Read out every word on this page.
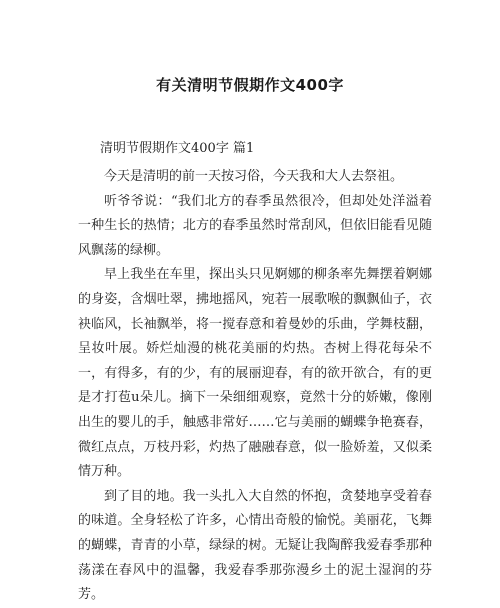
有关清明节假期作文400字
清明节假期作文400字 篇1

今天是清明的前一天按习俗，今天我和大人去祭祖。

听爷爷说：“我们北方的春季虽然很冷，但却处处洋溢着一种生长的热情；北方的春季虽然时常刮风，但依旧能看见随风飘荡的绿柳。

早上我坐在车里，探出头只见婀娜的柳条率先舞摆着婀娜的身姿，含烟吐翠，拂地摇风，宛若一展歌喉的飘飘仙子，衣袂临风，长袖飘举，将一搅春意和着曼妙的乐曲，学舞枝翻，呈妆叶展。娇烂灿漫的桃花美丽的灼热。杏树上得花每朵不一，有得多，有的少，有的展丽迎春，有的欲开欲合，有的更是才打苞u朵儿。摘下一朵细细观察，竟然十分的娇嫩，像刚出生的婴儿的手，触感非常好……它与美丽的蝴蝶争艳赛春，微红点点，万枝丹彩，灼热了融融春意，似一脸娇羞，又似柔情万种。

到了目的地。我一头扎入大自然的怀抱，贪婪地享受着春的味道。全身轻松了许多，心情出奇般的愉悦。美丽花，飞舞的蝴蝶，青青的小草，绿绿的树。无疑让我陶醉我爱春季那种荡漾在春风中的温馨，我爱春季那弥漫乡土的泥土湿润的芬芳。
